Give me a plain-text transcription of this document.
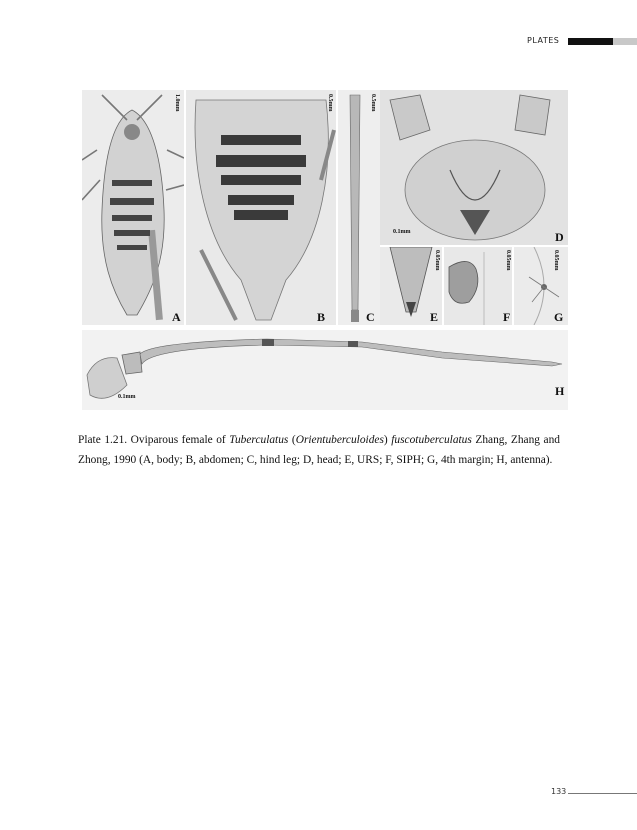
PLATES
1.0mm
A
0.5mm
B
0.5mm
C
0.1mm	D
0.05mm
E
0.05mm
F
0.05mm
G
0.1mm	H
Plate 1.21. Oviparous female of Tuberculatus (Orientuberculoides) fuscotuberculatus Zhang, Zhang and Zhong, 1990 (A, body; B, abdomen; C, hind leg; D, head; E, URS; F, SIPH; G, 4th margin; H, antenna).
133
